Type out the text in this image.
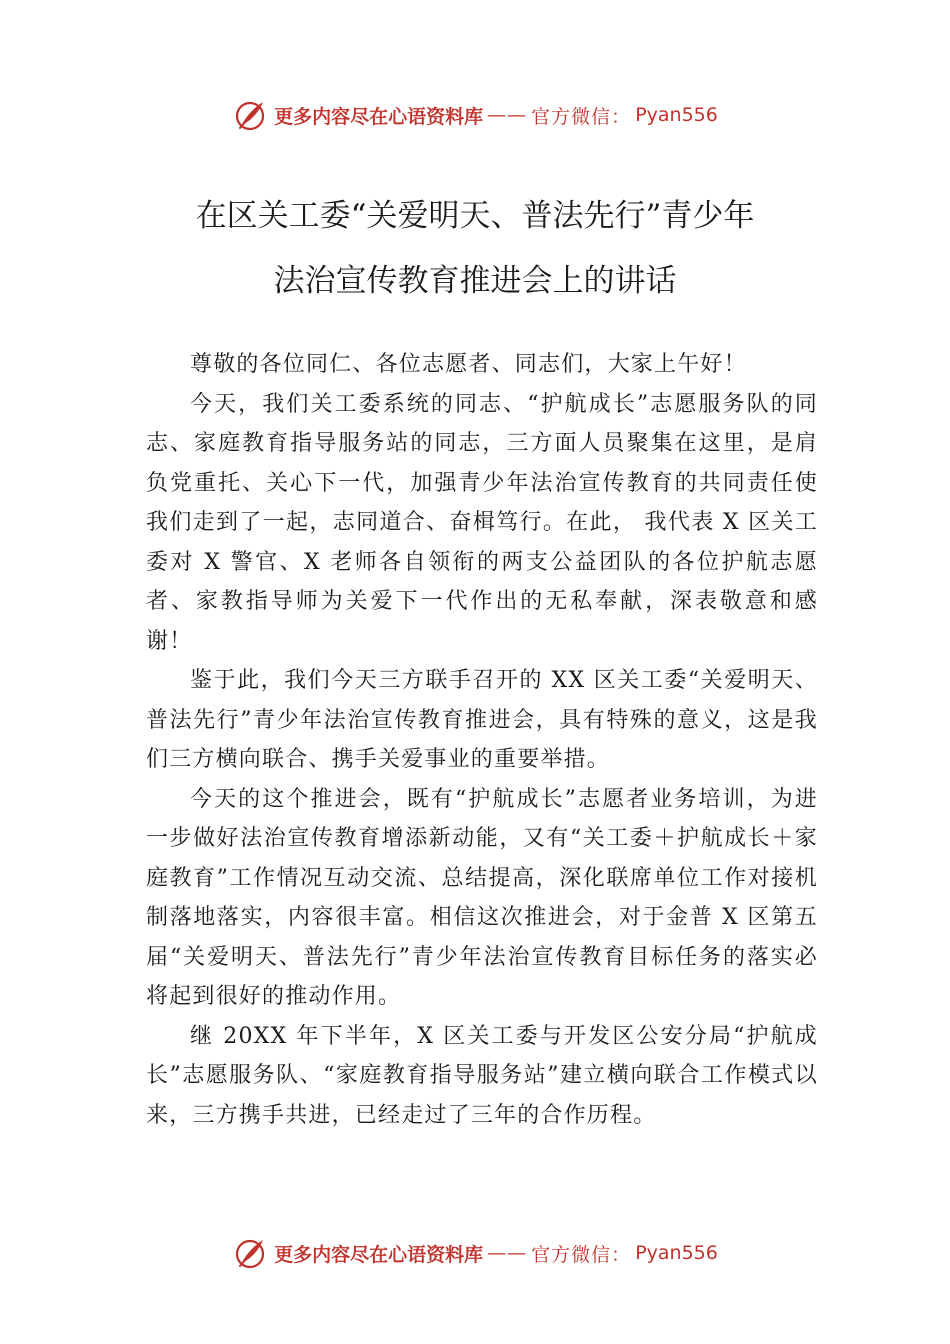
更多内容尽在心语资料库 —— 官方微信： Pyan556
在区关工委“关爱明天、普法先行”青少年
法治宣传教育推进会上的讲话

尊敬的各位同仁、各位志愿者、同志们，大家上午好！

今天，我们关工委系统的同志、“护航成长”志愿服务队的同志、家庭教育指导服务站的同志，三方面人员聚集在这里，是肩负党重托、关心下一代，加强青少年法治宣传教育的共同责任使我们走到了一起，志同道合、奋楫笃行。在此， 我代表 X 区关工委对 X 警官、X 老师各自领衔的两支公益团队的各位护航志愿者、家教指导师为关爱下一代作出的无私奉献，深表敬意和感谢！

鉴于此，我们今天三方联手召开的 XX 区关工委“关爱明天、普法先行”青少年法治宣传教育推进会，具有特殊的意义，这是我们三方横向联合、携手关爱事业的重要举措。

今天的这个推进会，既有“护航成长”志愿者业务培训，为进一步做好法治宣传教育增添新动能，又有“关工委＋护航成长＋家庭教育”工作情况互动交流、总结提高，深化联席单位工作对接机制落地落实，内容很丰富。相信这次推进会，对于金普 X 区第五届“关爱明天、普法先行”青少年法治宣传教育目标任务的落实必将起到很好的推动作用。

继 20XX 年下半年，X 区关工委与开发区公安分局“护航成长”志愿服务队、“家庭教育指导服务站”建立横向联合工作模式以来，三方携手共进，已经走过了三年的合作历程。

更多内容尽在心语资料库 —— 官方微信： Pyan556
